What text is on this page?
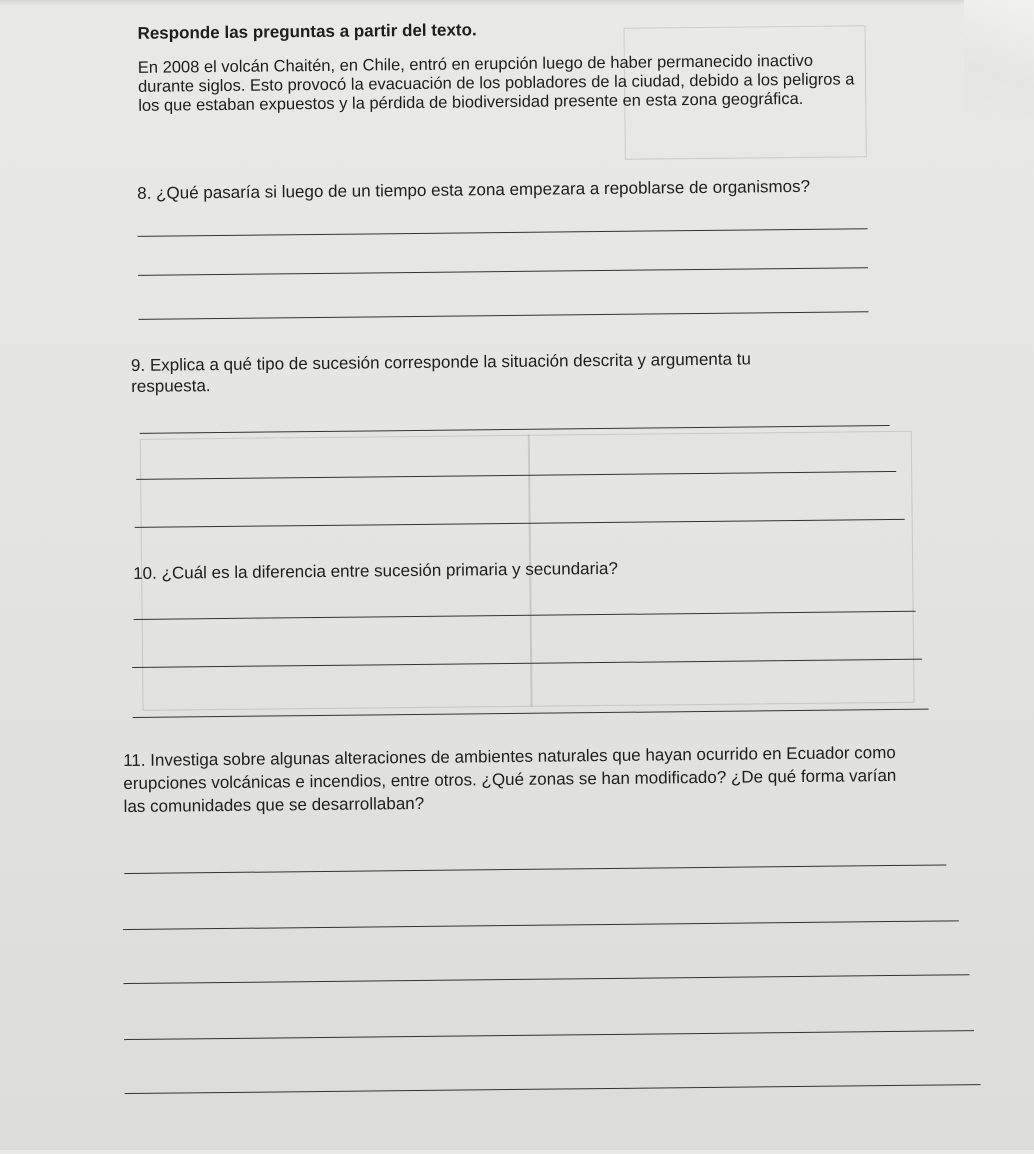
Responde las preguntas a partir del texto.
En 2008 el volcán Chaitén, en Chile, entró en erupción luego de haber permanecido inactivo durante siglos. Esto provocó la evacuación de los pobladores de la ciudad, debido a los peligros a los que estaban expuestos y la pérdida de biodiversidad presente en esta zona geográfica.
8. ¿Qué pasaría si luego de un tiempo esta zona empezara a repoblarse de organismos?
9. Explica a qué tipo de sucesión corresponde la situación descrita y argumenta tu respuesta.
10. ¿Cuál es la diferencia entre sucesión primaria y secundaria?
11. Investiga sobre algunas alteraciones de ambientes naturales que hayan ocurrido en Ecuador como erupciones volcánicas e incendios, entre otros. ¿Qué zonas se han modificado? ¿De qué forma varían las comunidades que se desarrollaban?
